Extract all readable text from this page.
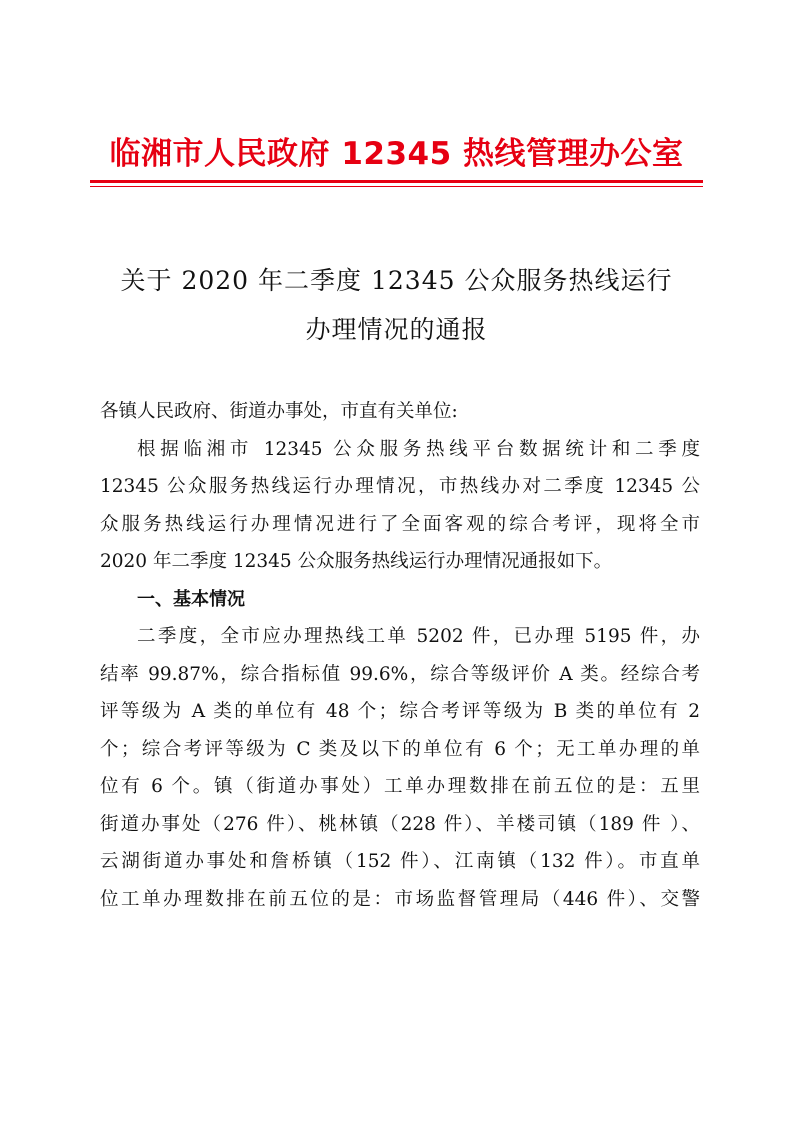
临湘市人民政府 12345 热线管理办公室
关于 2020 年二季度 12345 公众服务热线运行
办理情况的通报
各镇人民政府、街道办事处，市直有关单位:
根据临湘市 12345 公众服务热线平台数据统计和二季度
12345 公众服务热线运行办理情况，市热线办对二季度 12345 公
众服务热线运行办理情况进行了全面客观的综合考评，现将全市
2020 年二季度 12345 公众服务热线运行办理情况通报如下。
一、基本情况
二季度，全市应办理热线工单 5202 件，已办理 5195 件，办
结率 99.87%，综合指标值 99.6%，综合等级评价 A 类。经综合考
评等级为 A 类的单位有 48 个；综合考评等级为 B 类的单位有 2
个；综合考评等级为 C 类及以下的单位有 6 个；无工单办理的单
位有 6 个。镇（街道办事处）工单办理数排在前五位的是：五里
街道办事处（276 件）、桃林镇（228 件）、羊楼司镇（189 件 ）、
云湖街道办事处和詹桥镇（152 件）、江南镇（132 件）。市直单
位工单办理数排在前五位的是：市场监督管理局（446 件）、交警
